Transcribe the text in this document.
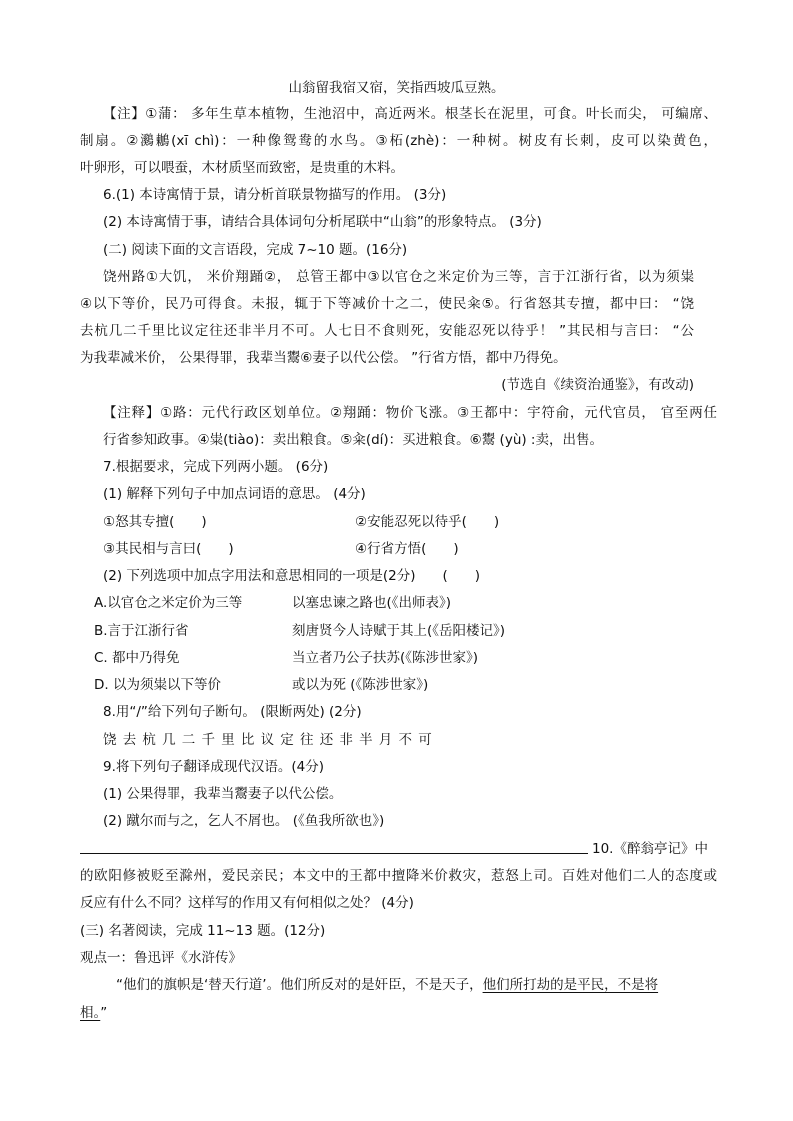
山翁留我宿又宿，笑指西坡瓜豆熟。
【注】①蒲： 多年生草本植物，生池沼中，高近两米。根茎长在泥里，可食。叶长而尖， 可编席、
制扇。②鸂鶒(xī chì)：一种像鸳鸯的水鸟。③柘(zhè)：一种树。树皮有长刺，皮可以染黄色，
叶卵形，可以喂蚕，木材质坚而致密，是贵重的木料。
6.(1) 本诗寓情于景，请分析首联景物描写的作用。 (3分)
(2) 本诗寓情于事，请结合具体词句分析尾联中“山翁”的形象特点。 (3分)
(二) 阅读下面的文言语段，完成 7~10 题。(16分)
饶州路①大饥， 米价翔踊②， 总管王都中③以官仓之米定价为三等，言于江浙行省，以为须粜
④以下等价，民乃可得食。未报，辄于下等减价十之二，使民籴⑤。行省怒其专擅，都中曰： “饶
去杭几二千里比议定往还非半月不可。人七日不食则死，安能忍死以待乎！ ”其民相与言曰： “公
为我辈减米价， 公果得罪，我辈当鬻⑥妻子以代公偿。 ”行省方悟，都中乃得免。
(节选自《续资治通鉴》，有改动)
【注释】①路：元代行政区划单位。②翔踊：物价飞涨。③王都中：宇符俞，元代官员， 官至两任
行省参知政事。④粜(tiào)：卖出粮食。⑤籴(dí)：买进粮食。⑥鬻 (yù) :卖，出售。
7.根据要求，完成下列两小题。 (6分)
(1) 解释下列句子中加点词语的意思。 (4分)
①怒其专擅(　　)	②安能忍死以待乎(　　)
③其民相与言曰(　　)	④行省方悟(　　)
(2) 下列选项中加点字用法和意思相同的一项是(2分)　　(　　)
A.以官仓之米定价为三等	以塞忠谏之路也(《出师表》)
B.言于江浙行省	刻唐贤今人诗赋于其上(《岳阳楼记》)
C. 都中乃得免	当立者乃公子扶苏(《陈涉世家》)
D. 以为须粜以下等价	或以为死 (《陈涉世家》)
8.用“/”给下列句子断句。 (限断两处) (2分)
饶去杭几二千里比议定往还非半月不可
9.将下列句子翻译成现代汉语。(4分)
(1) 公果得罪，我辈当鬻妻子以代公偿。
(2) 蹴尔而与之，乞人不屑也。 (《鱼我所欲也》)
10.《醉翁亭记》中
的欧阳修被贬至滁州，爱民亲民；本文中的王都中擅降米价救灾，惹怒上司。百姓对他们二人的态度或
反应有什么不同？这样写的作用又有何相似之处？ (4分)
(三) 名著阅读，完成 11~13 题。(12分)
观点一：鲁迅评《水浒传》
“他们的旗帜是‘替天行道’。他们所反对的是奸臣，不是天子，他们所打劫的是平民，不是将
相。”
